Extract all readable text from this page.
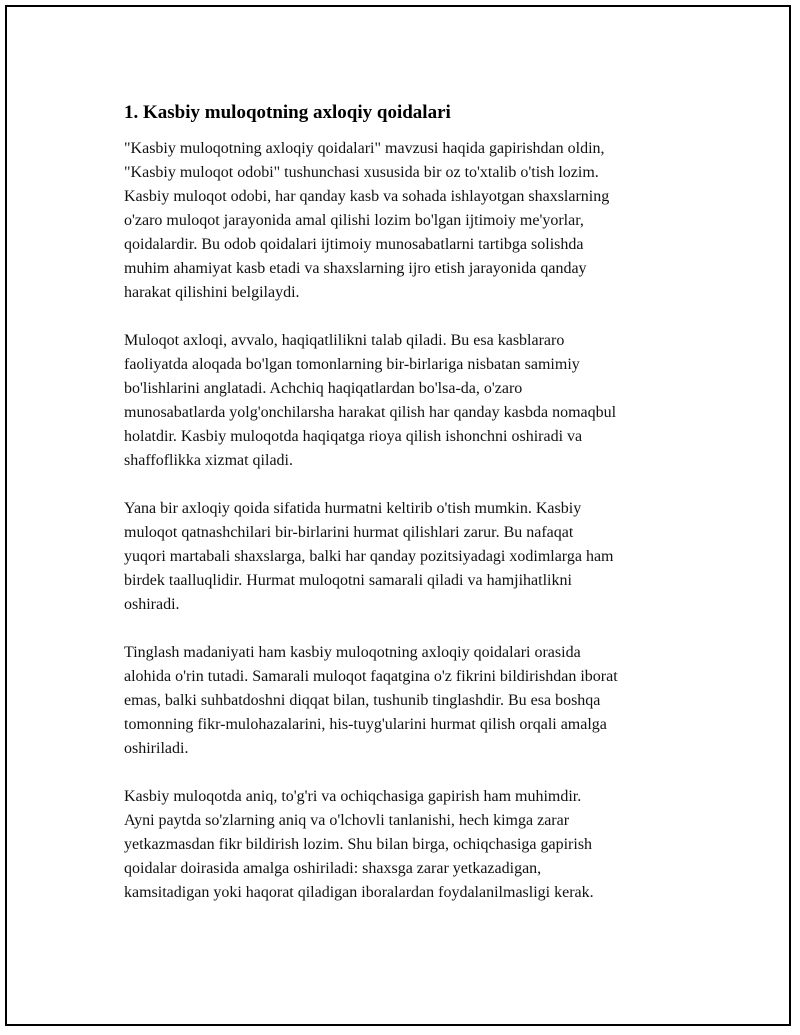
1. Kasbiy muloqotning axloqiy qoidalari

"Kasbiy muloqotning axloqiy qoidalari" mavzusi haqida gapirishdan oldin,
"Kasbiy muloqot odobi" tushunchasi xususida bir oz to'xtalib o'tish lozim.
Kasbiy muloqot odobi, har qanday kasb va sohada ishlayotgan shaxslarning
o'zaro muloqot jarayonida amal qilishi lozim bo'lgan ijtimoiy me'yorlar,
qoidalardir. Bu odob qoidalari ijtimoiy munosabatlarni tartibga solishda
muhim ahamiyat kasb etadi va shaxslarning ijro etish jarayonida qanday
harakat qilishini belgilaydi.

Muloqot axloqi, avvalo, haqiqatlilikni talab qiladi. Bu esa kasblararo
faoliyatda aloqada bo'lgan tomonlarning bir-birlariga nisbatan samimiy
bo'lishlarini anglatadi. Achchiq haqiqatlardan bo'lsa-da, o'zaro
munosabatlarda yolg'onchilarsha harakat qilish har qanday kasbda nomaqbul
holatdir. Kasbiy muloqotda haqiqatga rioya qilish ishonchni oshiradi va
shaffoflikka xizmat qiladi.

Yana bir axloqiy qoida sifatida hurmatni keltirib o'tish mumkin. Kasbiy
muloqot qatnashchilari bir-birlarini hurmat qilishlari zarur. Bu nafaqat
yuqori martabali shaxslarga, balki har qanday pozitsiyadagi xodimlarga ham
birdek taalluqlidir. Hurmat muloqotni samarali qiladi va hamjihatlikni
oshiradi.

Tinglash madaniyati ham kasbiy muloqotning axloqiy qoidalari orasida
alohida o'rin tutadi. Samarali muloqot faqatgina o'z fikrini bildirishdan iborat
emas, balki suhbatdoshni diqqat bilan, tushunib tinglashdir. Bu esa boshqa
tomonning fikr-mulohazalarini, his-tuyg'ularini hurmat qilish orqali amalga
oshiriladi.

Kasbiy muloqotda aniq, to'g'ri va ochiqchasiga gapirish ham muhimdir.
Ayni paytda so'zlarning aniq va o'lchovli tanlanishi, hech kimga zarar
yetkazmasdan fikr bildirish lozim. Shu bilan birga, ochiqchasiga gapirish
qoidalar doirasida amalga oshiriladi: shaxsga zarar yetkazadigan,
kamsitadigan yoki haqorat qiladigan iboralardan foydalanilmasligi kerak.
